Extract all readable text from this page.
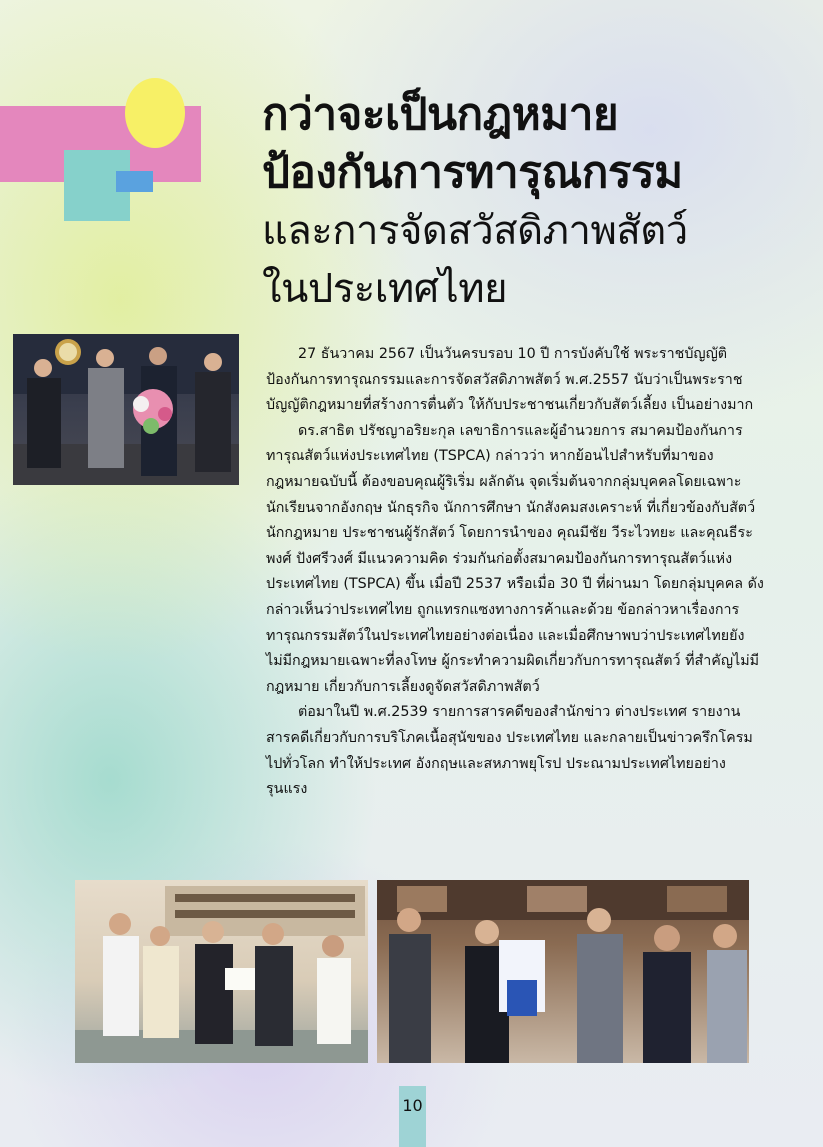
กว่าจะเป็นกฎหมาย
ป้องกันการทารุณกรรม
และการจัดสวัสดิภาพสัตว์
ในประเทศไทย

27 ธันวาคม 2567 เป็นวันครบรอบ 10 ปี การบังคับใช้ พระราชบัญญัติป้องกันการทารุณกรรมและการจัดสวัสดิภาพสัตว์ พ.ศ.2557 นับว่าเป็นพระราชบัญญัติกฎหมายที่สร้างการตื่นตัว ให้กับประชาชนเกี่ยวกับสัตว์เลี้ยง เป็นอย่างมาก

ดร.สาธิต ปรัชญาอริยะกุล เลขาธิการและผู้อำนวยการ สมาคมป้องกันการทารุณสัตว์แห่งประเทศไทย (TSPCA) กล่าวว่า หากย้อนไปสำหรับที่มาของกฎหมายฉบับนี้ ต้องขอบคุณผู้ริเริ่ม ผลักดัน จุดเริ่มต้นจากกลุ่มบุคคลโดยเฉพาะนักเรียนจากอังกฤษ นักธุรกิจ นักการศึกษา นักสังคมสงเคราะห์ ที่เกี่ยวข้องกับสัตว์ นักกฎหมาย ประชาชนผู้รักสัตว์ โดยการนำของ คุณมีชัย วีระไวทยะ และคุณธีระพงศ์ ปังศรีวงศ์ มีแนวความคิด ร่วมกันก่อตั้งสมาคมป้องกันการทารุณสัตว์แห่งประเทศไทย (TSPCA) ขึ้น เมื่อปี 2537 หรือเมื่อ 30 ปี ที่ผ่านมา โดยกลุ่มบุคคล ดังกล่าวเห็นว่าประเทศไทย ถูกแทรกแซงทางการค้าและด้วย ข้อกล่าวหาเรื่องการทารุณกรรมสัตว์ในประเทศไทยอย่างต่อเนื่อง และเมื่อศึกษาพบว่าประเทศไทยยังไม่มีกฎหมายเฉพาะที่ลงโทษ ผู้กระทำความผิดเกี่ยวกับการทารุณสัตว์ ที่สำคัญไม่มีกฎหมาย เกี่ยวกับการเลี้ยงดูจัดสวัสดิภาพสัตว์

ต่อมาในปี พ.ศ.2539 รายการสารคดีของสำนักข่าว ต่างประเทศ รายงานสารคดีเกี่ยวกับการบริโภคเนื้อสุนัขของ ประเทศไทย และกลายเป็นข่าวครึกโครมไปทั่วโลก ทำให้ประเทศ อังกฤษและสหภาพยุโรป ประณามประเทศไทยอย่างรุนแรง

10
